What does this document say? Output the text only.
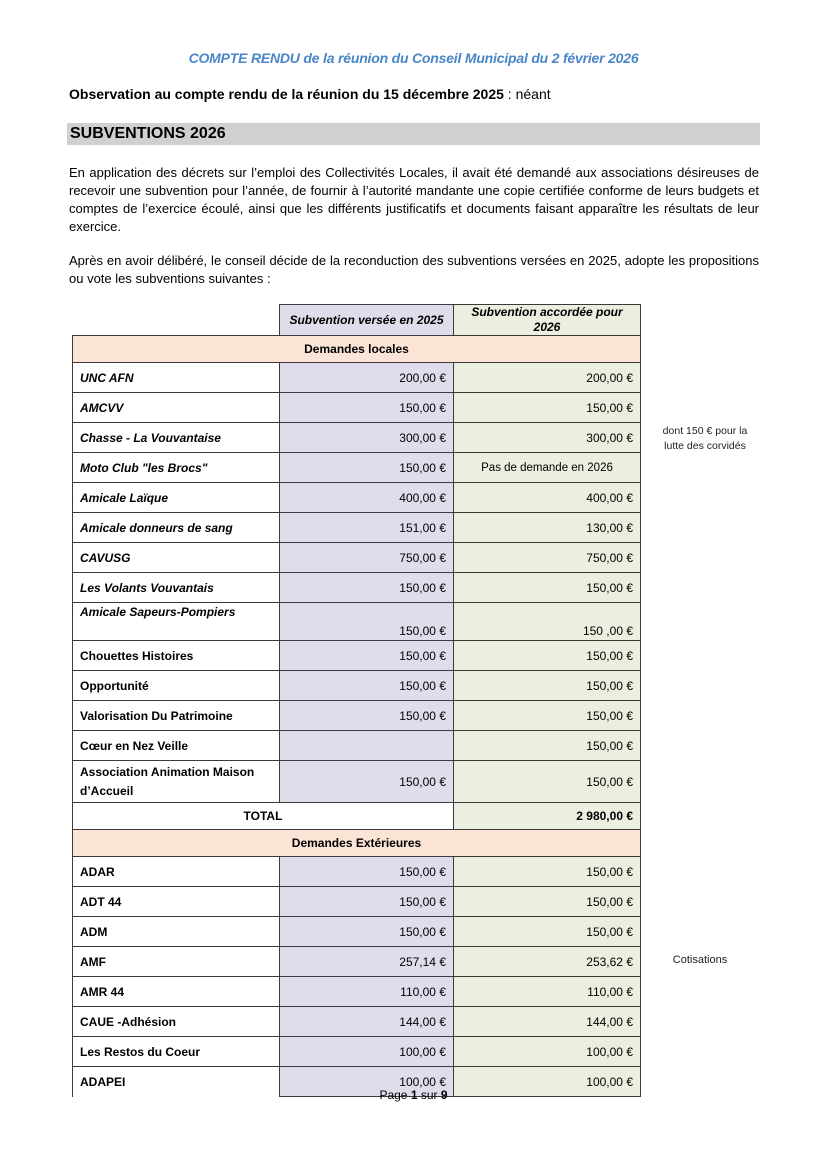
COMPTE RENDU de la réunion du Conseil Municipal du 2 février 2026
Observation au compte rendu de la réunion du 15 décembre 2025 : néant
SUBVENTIONS 2026
En application des décrets sur l’emploi des Collectivités Locales, il avait été demandé aux associations désireuses de recevoir une subvention pour l’année, de fournir à l’autorité mandante une copie certifiée conforme de leurs budgets et comptes de l’exercice écoulé, ainsi que les différents justificatifs et documents faisant apparaître les résultats de leur exercice.
Après en avoir délibéré, le conseil décide de la reconduction des subventions versées en 2025, adopte les propositions ou vote les subventions suivantes :
	Subvention versée en 2025	Subvention accordée pour 2026
Demandes locales		
UNC AFN	200,00 €	200,00 €
AMCVV	150,00 €	150,00 €
Chasse - La Vouvantaise	300,00 €	300,00 €
Moto Club "les Brocs"	150,00 €	Pas de demande en 2026
Amicale Laïque	400,00 €	400,00 €
Amicale donneurs de sang	151,00 €	130,00 €
CAVUSG	750,00 €	750,00 €
Les Volants Vouvantais	150,00 €	150,00 €
Amicale Sapeurs-Pompiers	150,00 €	150 ,00 €
Chouettes Histoires	150,00 €	150,00 €
Opportunité	150,00 €	150,00 €
Valorisation Du Patrimoine	150,00 €	150,00 €
Cœur en Nez Veille		150,00 €
Association Animation Maison d’Accueil	150,00 €	150,00 €
TOTAL		2 980,00 €
Demandes Extérieures		
ADAR	150,00 €	150,00 €
ADT 44	150,00 €	150,00 €
ADM	150,00 €	150,00 €
AMF	257,14 €	253,62 €
AMR 44	110,00 €	110,00 €
CAUE -Adhésion	144,00 €	144,00 €
Les Restos du Coeur	100,00 €	100,00 €
ADAPEI	100,00 €	100,00 €
dont 150 € pour la lutte des corvidés
Cotisations
Page 1 sur 9
